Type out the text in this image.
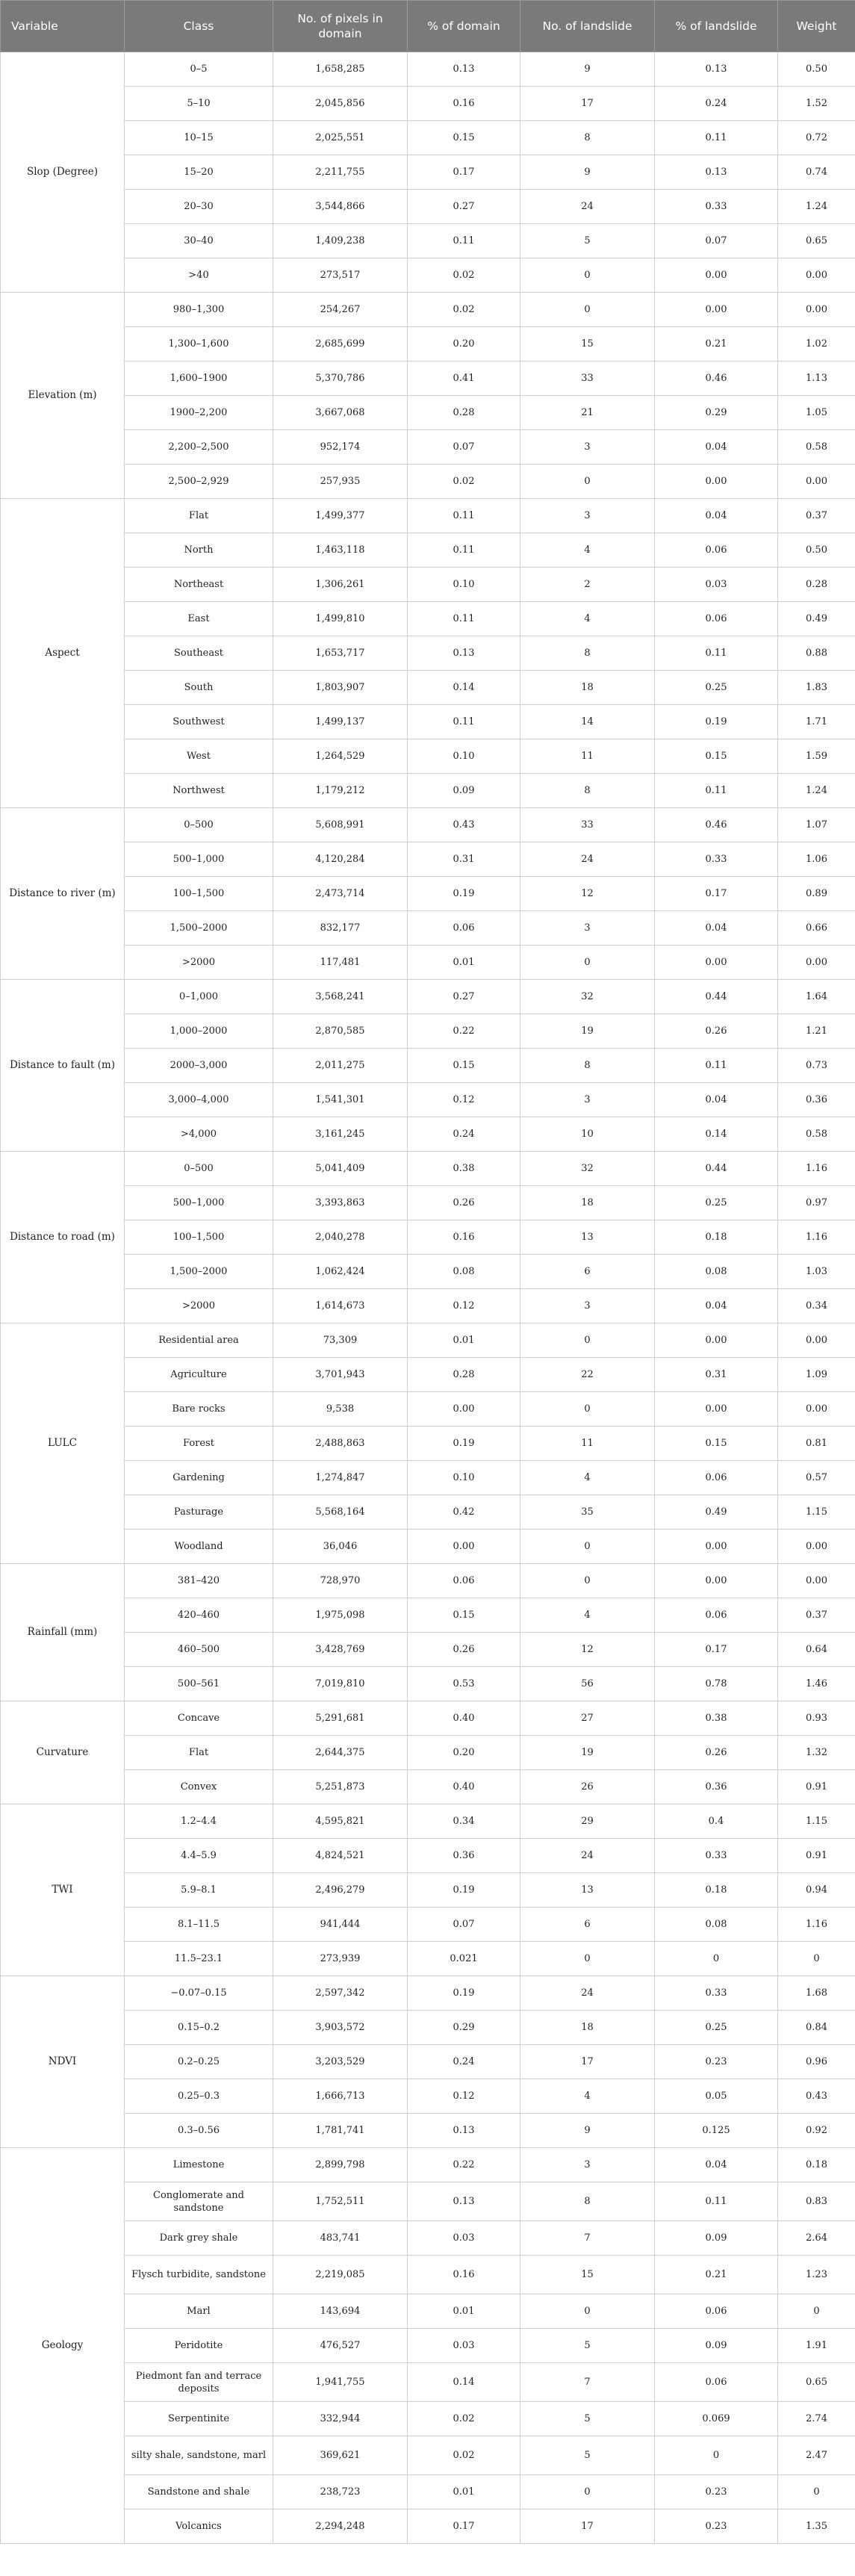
Variable	Class	No. of pixels in domain	% of domain	No. of landslide	% of landslide	Weight
Slop (Degree)	0–5	1,658,285	0.13	9	0.13	0.50
	5–10	2,045,856	0.16	17	0.24	1.52
	10–15	2,025,551	0.15	8	0.11	0.72
	15–20	2,211,755	0.17	9	0.13	0.74
	20–30	3,544,866	0.27	24	0.33	1.24
	30–40	1,409,238	0.11	5	0.07	0.65
	>40	273,517	0.02	0	0.00	0.00
Elevation (m)	980–1,300	254,267	0.02	0	0.00	0.00
	1,300–1,600	2,685,699	0.20	15	0.21	1.02
	1,600–1900	5,370,786	0.41	33	0.46	1.13
	1900–2,200	3,667,068	0.28	21	0.29	1.05
	2,200–2,500	952,174	0.07	3	0.04	0.58
	2,500–2,929	257,935	0.02	0	0.00	0.00
Aspect	Flat	1,499,377	0.11	3	0.04	0.37
	North	1,463,118	0.11	4	0.06	0.50
	Northeast	1,306,261	0.10	2	0.03	0.28
	East	1,499,810	0.11	4	0.06	0.49
	Southeast	1,653,717	0.13	8	0.11	0.88
	South	1,803,907	0.14	18	0.25	1.83
	Southwest	1,499,137	0.11	14	0.19	1.71
	West	1,264,529	0.10	11	0.15	1.59
	Northwest	1,179,212	0.09	8	0.11	1.24
Distance to river (m)	0–500	5,608,991	0.43	33	0.46	1.07
	500–1,000	4,120,284	0.31	24	0.33	1.06
	100–1,500	2,473,714	0.19	12	0.17	0.89
	1,500–2000	832,177	0.06	3	0.04	0.66
	>2000	117,481	0.01	0	0.00	0.00
Distance to fault (m)	0–1,000	3,568,241	0.27	32	0.44	1.64
	1,000–2000	2,870,585	0.22	19	0.26	1.21
	2000–3,000	2,011,275	0.15	8	0.11	0.73
	3,000–4,000	1,541,301	0.12	3	0.04	0.36
	>4,000	3,161,245	0.24	10	0.14	0.58
Distance to road (m)	0–500	5,041,409	0.38	32	0.44	1.16
	500–1,000	3,393,863	0.26	18	0.25	0.97
	100–1,500	2,040,278	0.16	13	0.18	1.16
	1,500–2000	1,062,424	0.08	6	0.08	1.03
	>2000	1,614,673	0.12	3	0.04	0.34
LULC	Residential area	73,309	0.01	0	0.00	0.00
	Agriculture	3,701,943	0.28	22	0.31	1.09
	Bare rocks	9,538	0.00	0	0.00	0.00
	Forest	2,488,863	0.19	11	0.15	0.81
	Gardening	1,274,847	0.10	4	0.06	0.57
	Pasturage	5,568,164	0.42	35	0.49	1.15
	Woodland	36,046	0.00	0	0.00	0.00
Rainfall (mm)	381–420	728,970	0.06	0	0.00	0.00
	420–460	1,975,098	0.15	4	0.06	0.37
	460–500	3,428,769	0.26	12	0.17	0.64
	500–561	7,019,810	0.53	56	0.78	1.46
Curvature	Concave	5,291,681	0.40	27	0.38	0.93
	Flat	2,644,375	0.20	19	0.26	1.32
	Convex	5,251,873	0.40	26	0.36	0.91
TWI	1.2–4.4	4,595,821	0.34	29	0.4	1.15
	4.4–5.9	4,824,521	0.36	24	0.33	0.91
	5.9–8.1	2,496,279	0.19	13	0.18	0.94
	8.1–11.5	941,444	0.07	6	0.08	1.16
	11.5–23.1	273,939	0.021	0	0	0
NDVI	−0.07–0.15	2,597,342	0.19	24	0.33	1.68
	0.15–0.2	3,903,572	0.29	18	0.25	0.84
	0.2–0.25	3,203,529	0.24	17	0.23	0.96
	0.25–0.3	1,666,713	0.12	4	0.05	0.43
	0.3–0.56	1,781,741	0.13	9	0.125	0.92
Geology	Limestone	2,899,798	0.22	3	0.04	0.18
	Conglomerate and sandstone	1,752,511	0.13	8	0.11	0.83
	Dark grey shale	483,741	0.03	7	0.09	2.64
	Flysch turbidite, sandstone	2,219,085	0.16	15	0.21	1.23
	Marl	143,694	0.01	0	0.06	0
	Peridotite	476,527	0.03	5	0.09	1.91
	Piedmont fan and terrace deposits	1,941,755	0.14	7	0.06	0.65
	Serpentinite	332,944	0.02	5	0.069	2.74
	silty shale, sandstone, marl	369,621	0.02	5	0	2.47
	Sandstone and shale	238,723	0.01	0	0.23	0
	Volcanics	2,294,248	0.17	17	0.23	1.35
